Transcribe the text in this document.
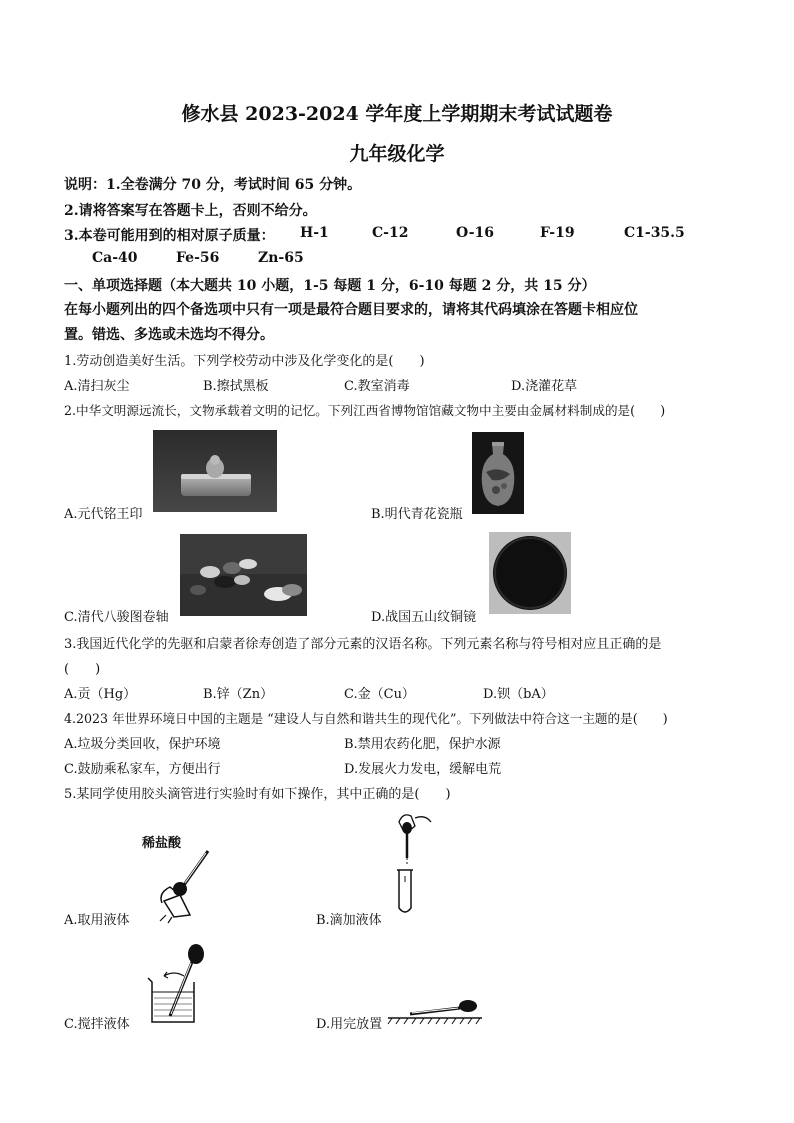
修水县 2023-2024 学年度上学期期末考试试题卷
九年级化学
说明：1.全卷满分 70 分，考试时间 65 分钟。
2.请将答案写在答题卡上，否则不给分。
3.本卷可能用到的相对原子质量： H-1	C-12	O-16	F-19	C1-35.5
Ca-40	Fe-56	Zn-65
一、单项选择题（本大题共 10 小题，1-5 每题 1 分，6-10 每题 2 分，共 15 分）
在每小题列出的四个备选项中只有一项是最符合题目要求的，请将其代码填涂在答题卡相应位
置。错选、多选或未选均不得分。
1.劳动创造美好生活。下列学校劳动中涉及化学变化的是(　　)
A.清扫灰尘	B.擦拭黑板	C.教室消毒	D.浇灌花草
2.中华文明源远流长，文物承载着文明的记忆。下列江西省博物馆馆藏文物中主要由金属材料制成的是(　　)
A.元代铭王印	B.明代青花瓷瓶
C.清代八骏图卷轴	D.战国五山纹铜镜
3.我国近代化学的先驱和启蒙者徐寿创造了部分元素的汉语名称。下列元素名称与符号相对应且正确的是
(　　)
A.贡（Hg）	B.锌（Zn）	C.金（Cu）	D.钡（bA）
4.2023 年世界环境日中国的主题是 “建设人与自然和谐共生的现代化”。下列做法中符合这一主题的是(　　)
A.垃圾分类回收，保护环境	B.禁用农药化肥，保护水源
C.鼓励乘私家车，方便出行	D.发展火力发电，缓解电荒
5.某同学使用胶头滴管进行实验时有如下操作，其中正确的是(　　)
稀盐酸
A.取用液体	B.滴加液体
C.搅拌液体	D.用完放置
